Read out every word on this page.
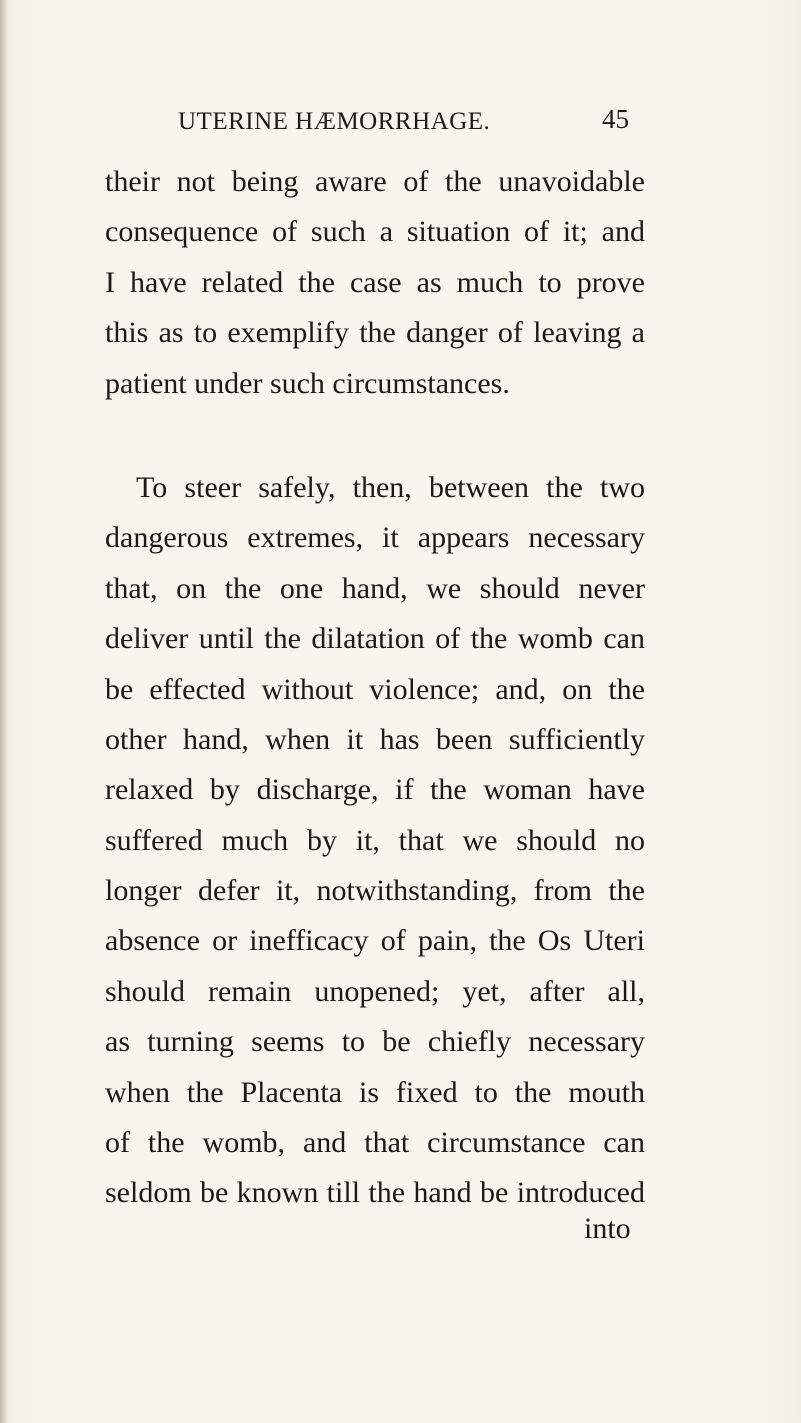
UTERINE HÆMORRHAGE.	45
their not being aware of the unavoidable
consequence of such a situation of it; and
I have related the case as much to prove
this as to exemplify the danger of leaving a
patient under such circumstances.
To steer safely, then, between the two
dangerous extremes, it appears necessary
that, on the one hand, we should never
deliver until the dilatation of the womb can
be effected without violence; and, on the
other hand, when it has been sufficiently
relaxed by discharge, if the woman have
suffered much by it, that we should no
longer defer it, notwithstanding, from the
absence or inefficacy of pain, the Os Uteri
should remain unopened; yet, after all,
as turning seems to be chiefly necessary
when the Placenta is fixed to the mouth
of the womb, and that circumstance can
seldom be known till the hand be introduced
into
